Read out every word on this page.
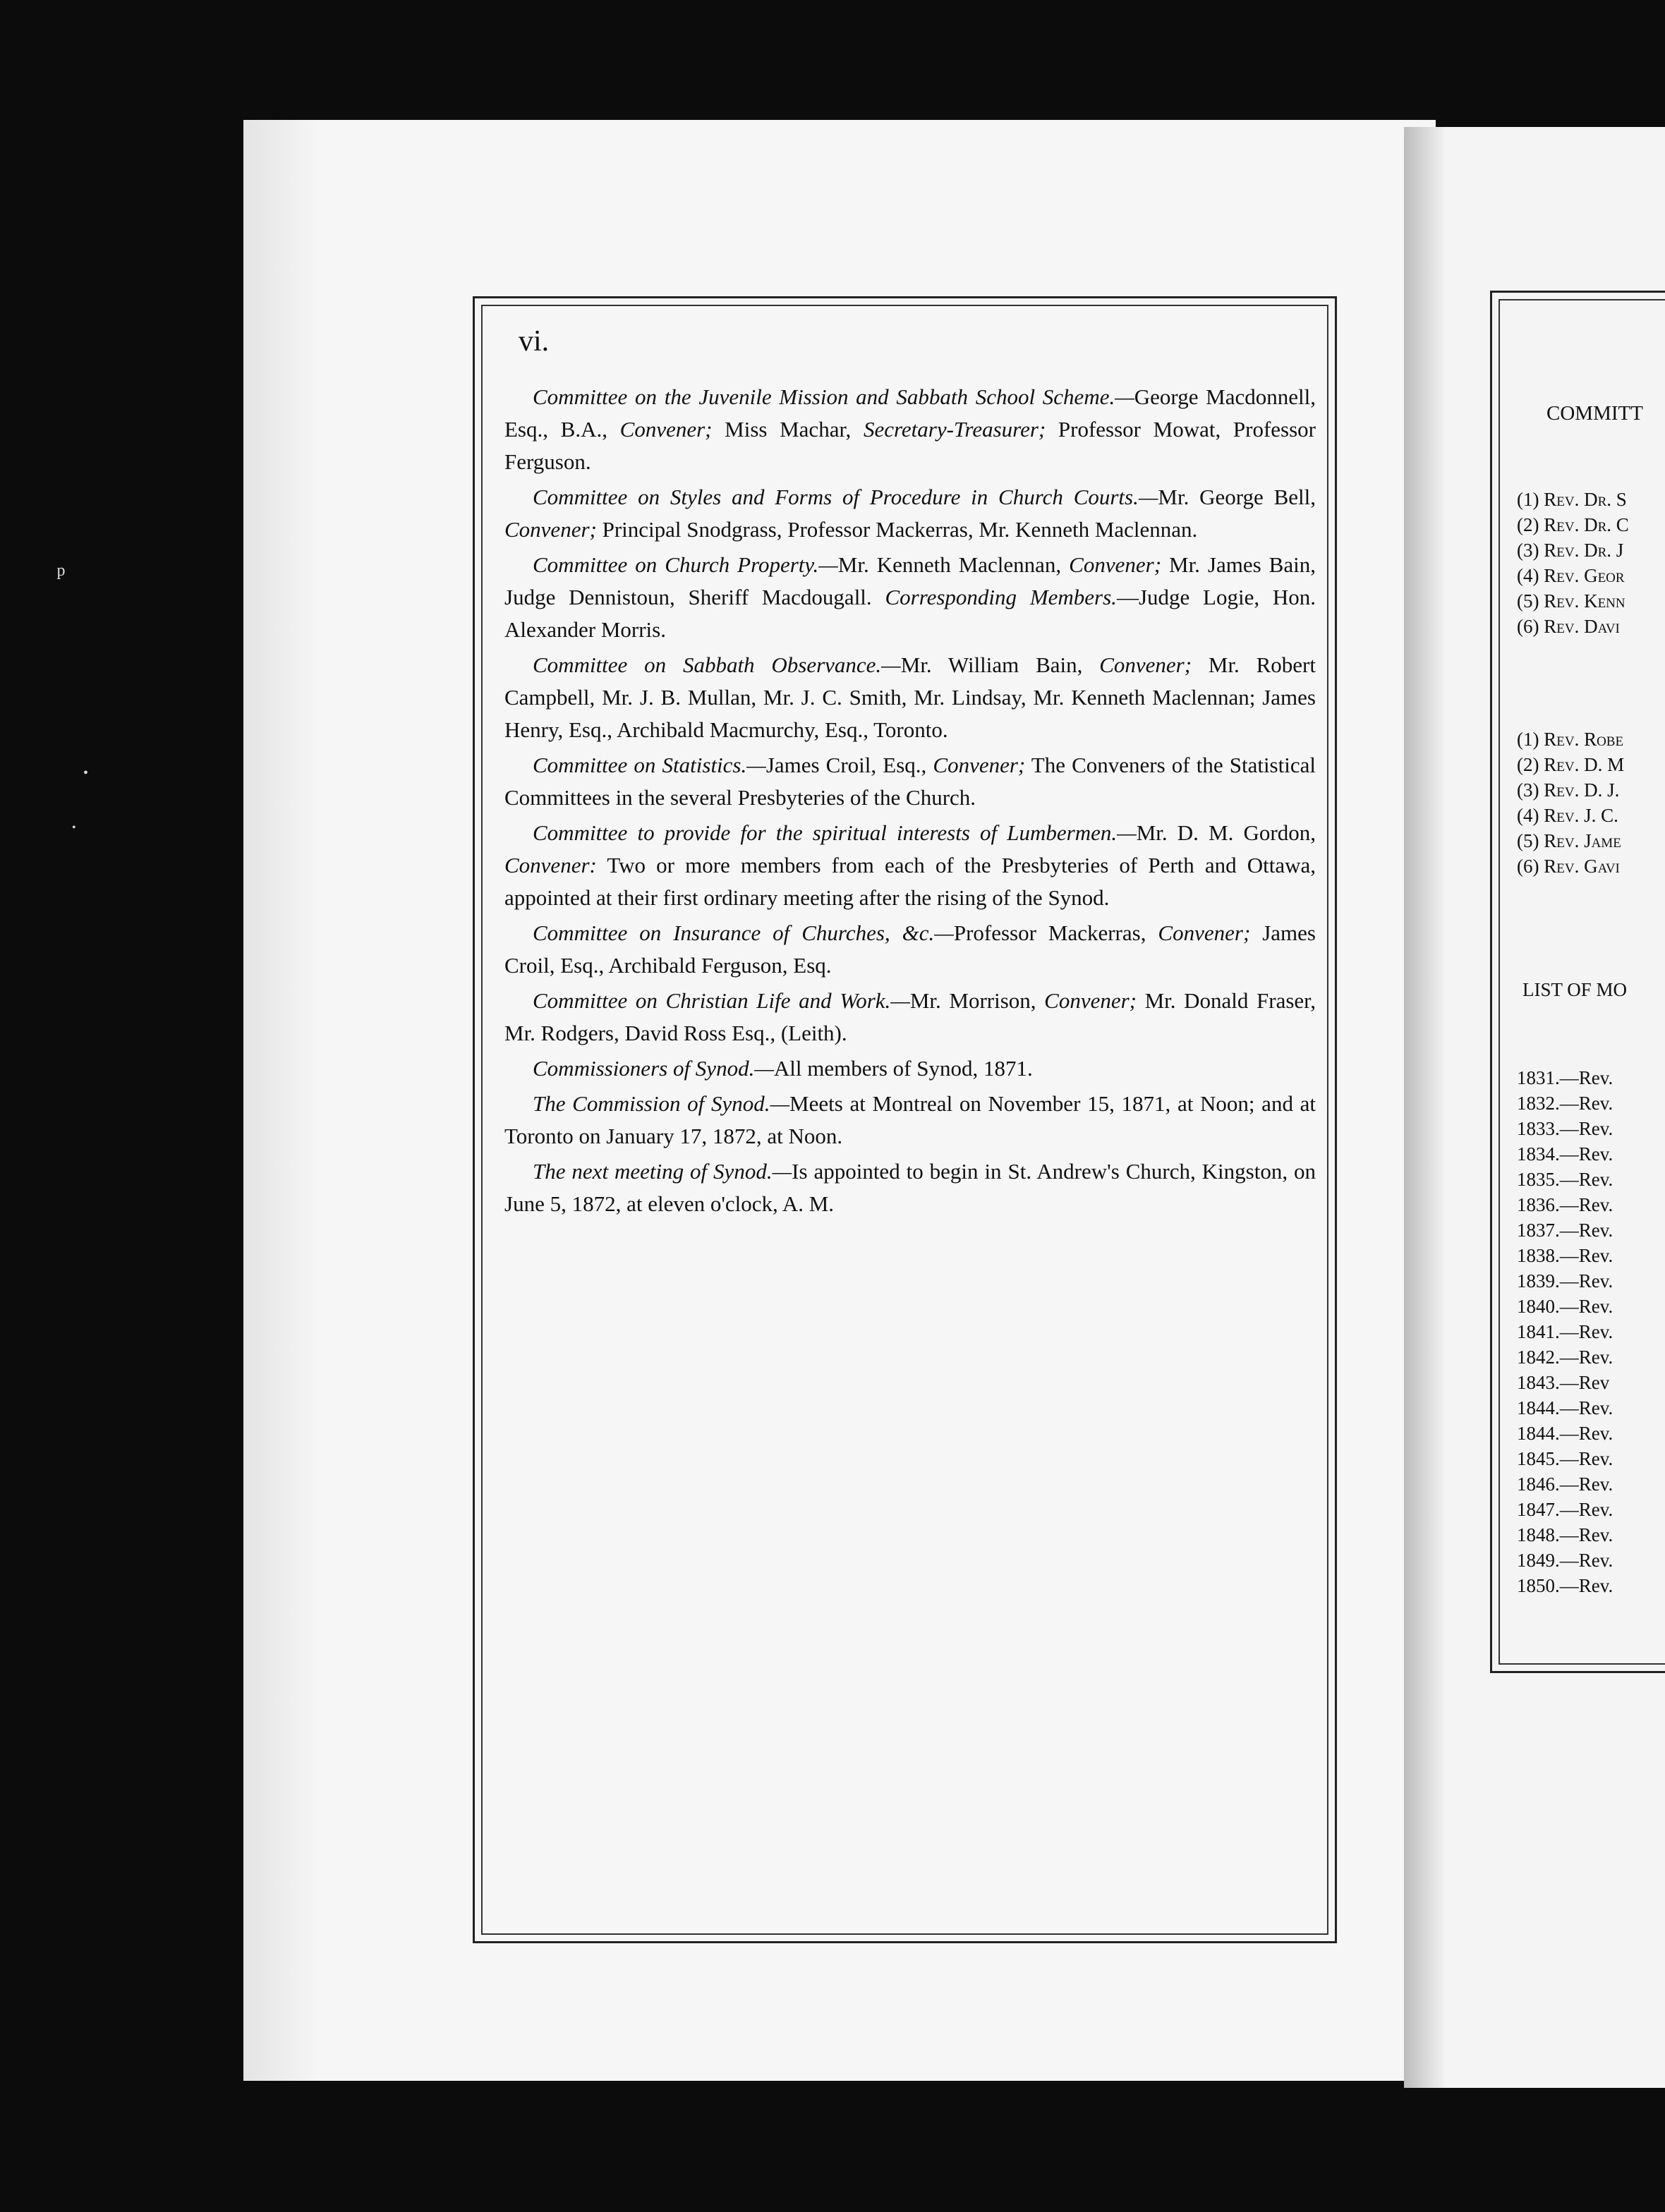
ᵖ
•
•
vi.

Committee on the Juvenile Mission and Sabbath School Scheme.—George Macdonnell, Esq., B.A., Convener; Miss Machar, Secretary-Treasurer; Professor Mowat, Professor Ferguson.

Committee on Styles and Forms of Procedure in Church Courts.—Mr. George Bell, Convener; Principal Snodgrass, Professor Mackerras, Mr. Kenneth Maclennan.

Committee on Church Property.—Mr. Kenneth Maclennan, Convener; Mr. James Bain, Judge Dennistoun, Sheriff Macdougall. Corresponding Members.—Judge Logie, Hon. Alexander Morris.

Committee on Sabbath Observance.—Mr. William Bain, Convener; Mr. Robert Campbell, Mr. J. B. Mullan, Mr. J. C. Smith, Mr. Lindsay, Mr. Kenneth Maclennan; James Henry, Esq., Archibald Macmurchy, Esq., Toronto.

Committee on Statistics.—James Croil, Esq., Convener; The Conveners of the Statistical Committees in the several Presbyteries of the Church.

Committee to provide for the spiritual interests of Lumbermen.—Mr. D. M. Gordon, Convener: Two or more members from each of the Presbyteries of Perth and Ottawa, appointed at their first ordinary meeting after the rising of the Synod.

Committee on Insurance of Churches, &c.—Professor Mackerras, Convener; James Croil, Esq., Archibald Ferguson, Esq.

Committee on Christian Life and Work.—Mr. Morrison, Convener; Mr. Donald Fraser, Mr. Rodgers, David Ross Esq., (Leith).

Commissioners of Synod.—All members of Synod, 1871.

The Commission of Synod.—Meets at Montreal on November 15, 1871, at Noon; and at Toronto on January 17, 1872, at Noon.

The next meeting of Synod.—Is appointed to begin in St. Andrew's Church, Kingston, on June 5, 1872, at eleven o'clock, A. M.

COMMITT
(1) Rev. Dr. S
(2) Rev. Dr. C
(3) Rev. Dr. J
(4) Rev. Geor
(5) Rev. Kenn
(6) Rev. Davi
(1) Rev. Robe
(2) Rev. D. M
(3) Rev. D. J.
(4) Rev. J. C.
(5) Rev. Jame
(6) Rev. Gavi
LIST OF MO
1831.—Rev.
1832.—Rev.
1833.—Rev.
1834.—Rev.
1835.—Rev.
1836.—Rev.
1837.—Rev.
1838.—Rev.
1839.—Rev.
1840.—Rev.
1841.—Rev.
1842.—Rev.
1843.—Rev
1844.—Rev.
1844.—Rev.
1845.—Rev.
1846.—Rev.
1847.—Rev.
1848.—Rev.
1849.—Rev.
1850.—Rev.
